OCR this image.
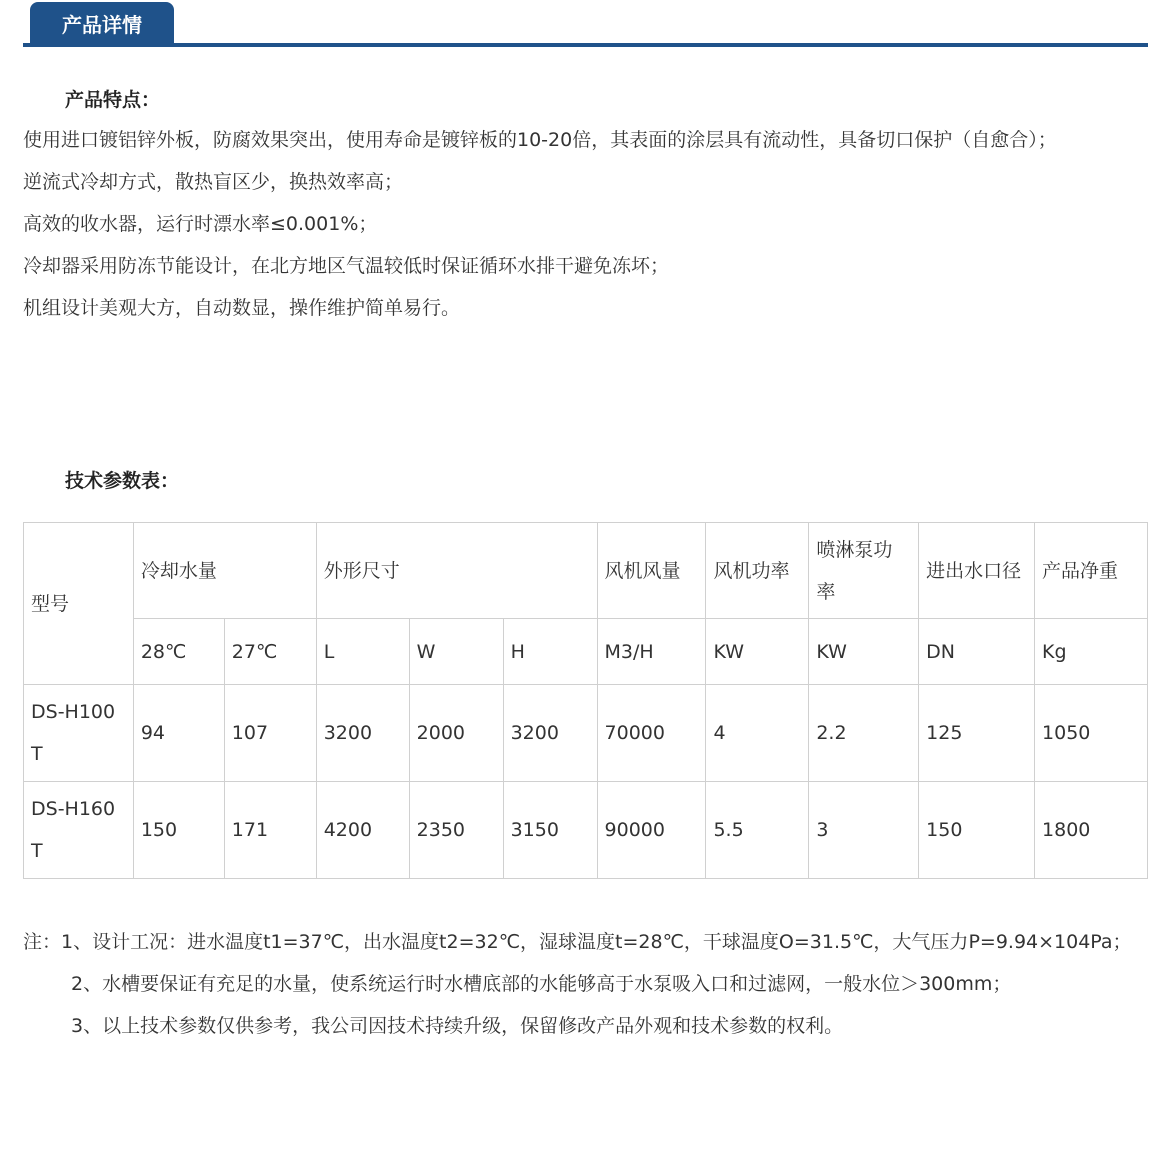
产品详情
产品特点：

使用进口镀铝锌外板，防腐效果突出，使用寿命是镀锌板的10-20倍，其表面的涂层具有流动性，具备切口保护（自愈合）；

逆流式冷却方式，散热盲区少，换热效率高；

高效的收水器，运行时漂水率≤0.001%；

冷却器采用防冻节能设计，在北方地区气温较低时保证循环水排干避免冻坏；

机组设计美观大方，自动数显，操作维护简单易行。

技术参数表：
型号	冷却水量		外形尺寸			风机风量	风机功率	喷淋泵功率	进出水口径	产品净重
	28℃	27℃	L	W	H	M3/H	KW	KW	DN	Kg
DS-H100T	94	107	3200	2000	3200	70000	4	2.2	125	1050
DS-H160T	150	171	4200	2350	3150	90000	5.5	3	150	1800

注：1、设计工况：进水温度t1=37℃，出水温度t2=32℃，湿球温度t=28℃，干球温度O=31.5℃，大气压力P=9.94×104Pa；

2、水槽要保证有充足的水量，使系统运行时水槽底部的水能够高于水泵吸入口和过滤网，一般水位＞300mm；

3、以上技术参数仅供参考，我公司因技术持续升级，保留修改产品外观和技术参数的权利。
